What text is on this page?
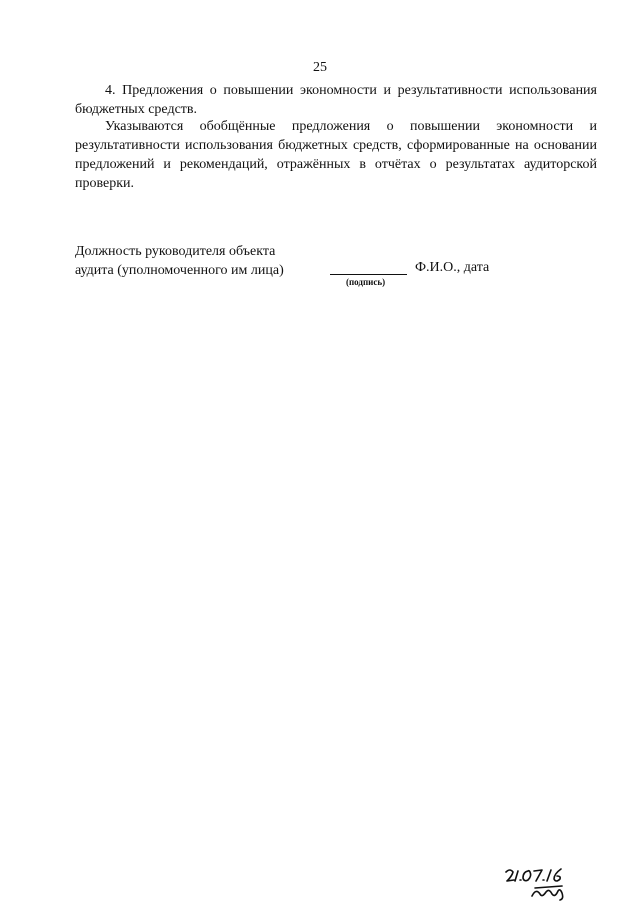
25

4. Предложения о повышении экономности и результативности использования бюджетных средств.

Указываются обобщённые предложения о повышении экономности и результативности использования бюджетных средств, сформированные на основании предложений и рекомендаций, отражённых в отчётах о результатах аудиторской проверки.

Должность руководителя объекта
аудита (уполномоченного им лица)
(подпись)
Ф.И.О., дата
